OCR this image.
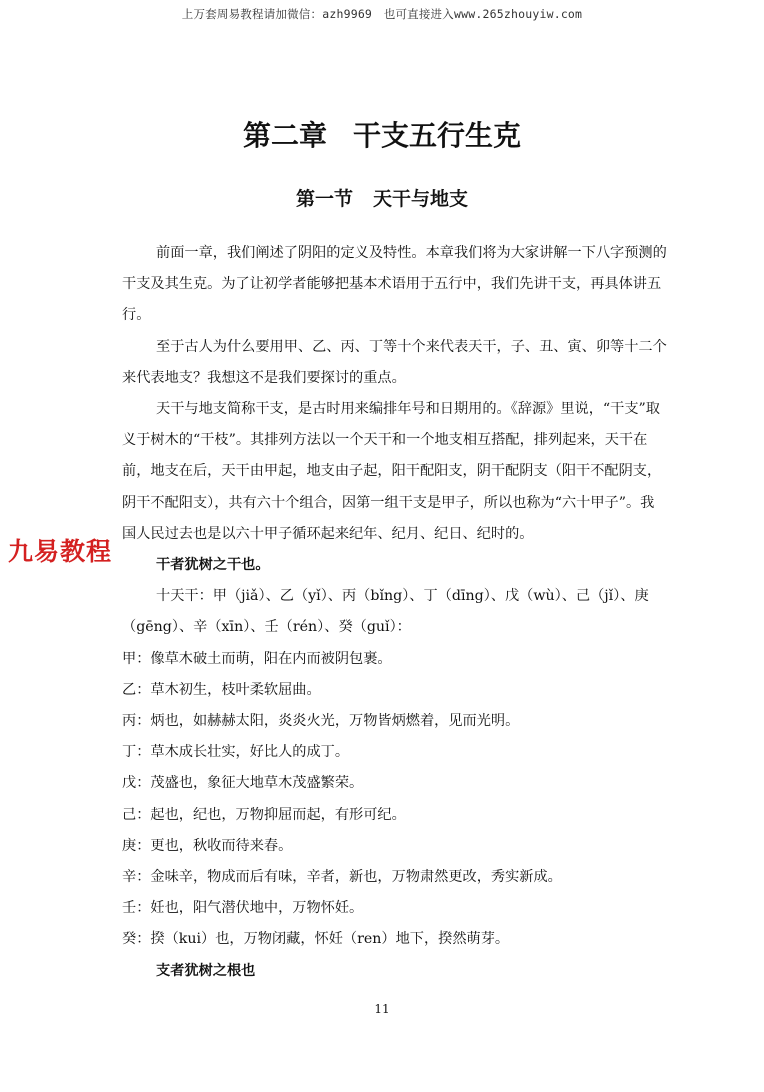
上万套周易教程请加微信：azh9969　也可直接进入www.265zhouyiw.com
第二章 干支五行生克
第一节 天干与地支

前面一章，我们阐述了阴阳的定义及特性。本章我们将为大家讲解一下八字预测的干支及其生克。为了让初学者能够把基本术语用于五行中，我们先讲干支，再具体讲五行。

至于古人为什么要用甲、乙、丙、丁等十个来代表天干，子、丑、寅、卯等十二个来代表地支？我想这不是我们要探讨的重点。

天干与地支简称干支，是古时用来编排年号和日期用的。《辞源》里说，“干支”取义于树木的“干枝”。其排列方法以一个天干和一个地支相互搭配，排列起来，天干在前，地支在后，天干由甲起，地支由子起，阳干配阳支，阴干配阴支（阳干不配阴支，阴干不配阳支），共有六十个组合，因第一组干支是甲子，所以也称为“六十甲子”。我国人民过去也是以六十甲子循环起来纪年、纪月、纪日、纪时的。

干者犹树之干也。

十天干：甲（jiǎ）、乙（yǐ）、丙（bǐng）、丁（dīng）、戊（wù）、己（jǐ）、庚（gēng）、辛（xīn）、壬（rén）、癸（guǐ）：

甲：像草木破土而萌，阳在内而被阴包裹。

乙：草木初生，枝叶柔软屈曲。

丙：炳也，如赫赫太阳，炎炎火光，万物皆炳燃着，见而光明。

丁：草木成长壮实，好比人的成丁。

戊：茂盛也，象征大地草木茂盛繁荣。

己：起也，纪也，万物抑屈而起，有形可纪。

庚：更也，秋收而待来春。

辛：金味辛，物成而后有味，辛者，新也，万物肃然更改，秀实新成。

壬：妊也，阳气潜伏地中，万物怀妊。

癸：揆（kui）也，万物闭藏，怀妊（ren）地下，揆然萌芽。

支者犹树之根也

九易教程
11
